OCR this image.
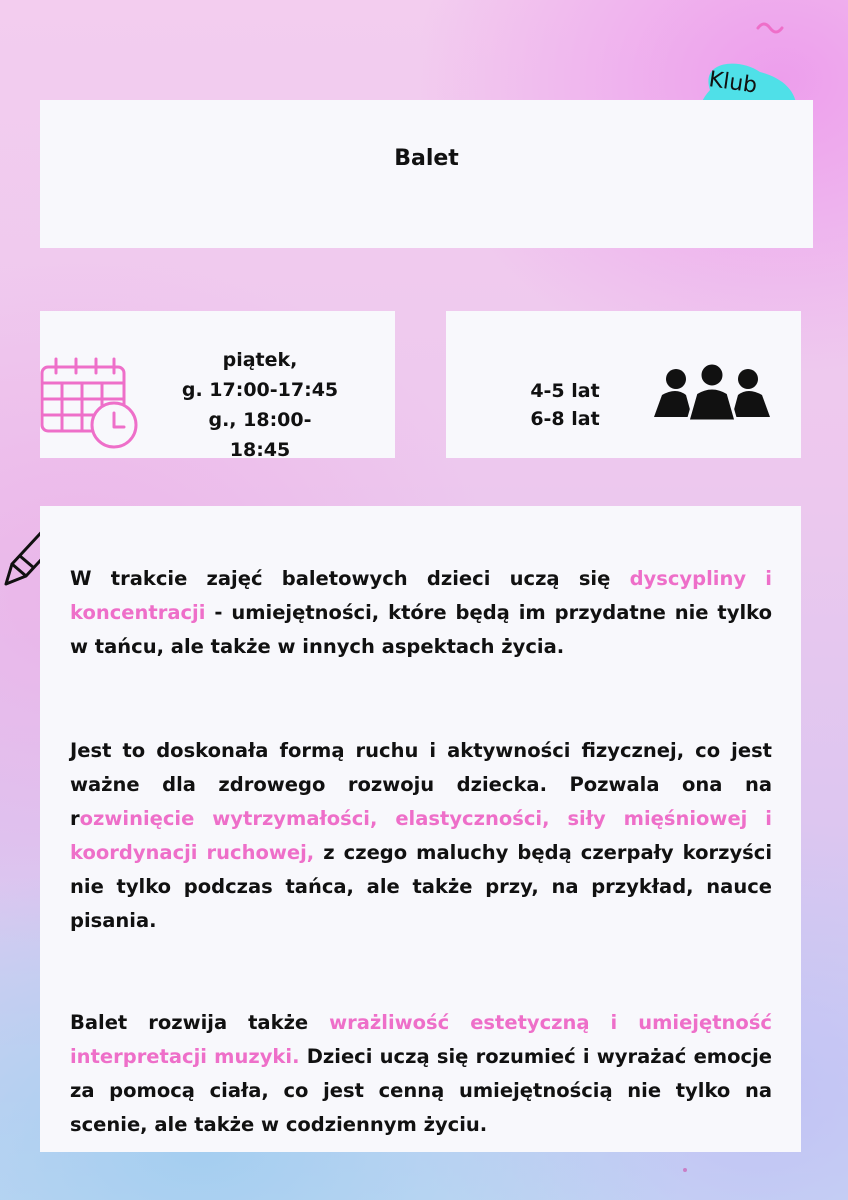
Klub
Balet
piątek,
g. 17:00-17:45
g., 18:00-18:45
4-5 lat
6-8 lat

W trakcie zajęć baletowych dzieci uczą się dyscypliny i koncentracji - umiejętności, które będą im przydatne nie tylko w tańcu, ale także w innych aspektach życia.

Jest to doskonała formą ruchu i aktywności fizycznej, co jest ważne dla zdrowego rozwoju dziecka. Pozwala ona na rozwinięcie wytrzymałości, elastyczności, siły mięśniowej i koordynacji ruchowej, z czego maluchy będą czerpały korzyści nie tylko podczas tańca, ale także przy, na przykład, nauce pisania.

Balet rozwija także wrażliwość estetyczną i umiejętność interpretacji muzyki. Dzieci uczą się rozumieć i wyrażać emocje za pomocą ciała, co jest cenną umiejętnością nie tylko na scenie, ale także w codziennym życiu.
